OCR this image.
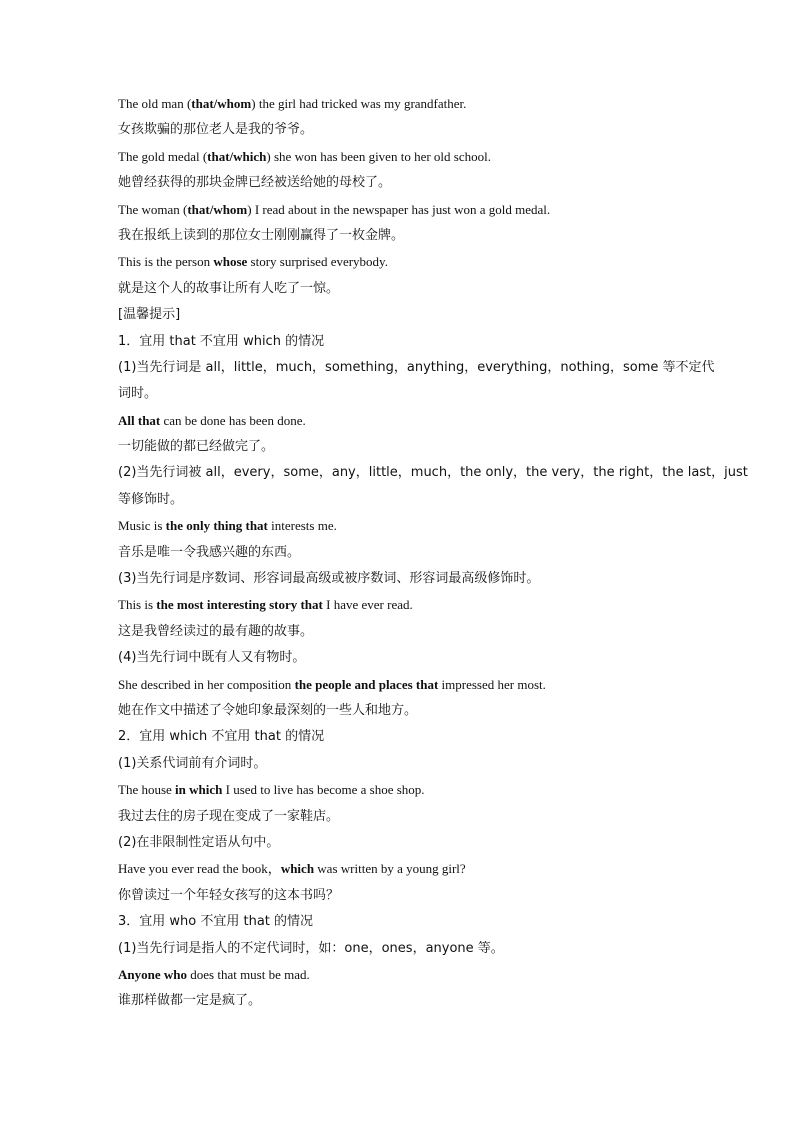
The old man (that/whom) the girl had tricked was my grandfather.
女孩欺骗的那位老人是我的爷爷。
The gold medal (that/which) she won has been given to her old school.
她曾经获得的那块金牌已经被送给她的母校了。
The woman (that/whom) I read about in the newspaper has just won a gold medal.
我在报纸上读到的那位女士刚刚赢得了一枚金牌。
This is the person whose story surprised everybody.
就是这个人的故事让所有人吃了一惊。
[温馨提示]
1．宜用 that 不宜用 which 的情况
(1)当先行词是 all，little，much，something，anything，everything，nothing，some 等不定代
词时。
All that can be done has been done.
一切能做的都已经做完了。
(2)当先行词被 all，every，some，any，little，much，the only，the very，the right，the last，just
等修饰时。
Music is the only thing that interests me.
音乐是唯一令我感兴趣的东西。
(3)当先行词是序数词、形容词最高级或被序数词、形容词最高级修饰时。
This is the most interesting story that I have ever read.
这是我曾经读过的最有趣的故事。
(4)当先行词中既有人又有物时。
She described in her composition the people and places that impressed her most.
她在作文中描述了令她印象最深刻的一些人和地方。
2．宜用 which 不宜用 that 的情况
(1)关系代词前有介词时。
The house in which I used to live has become a shoe shop.
我过去住的房子现在变成了一家鞋店。
(2)在非限制性定语从句中。
Have you ever read the book，which was written by a young girl?
你曾读过一个年轻女孩写的这本书吗？
3．宜用 who 不宜用 that 的情况
(1)当先行词是指人的不定代词时，如：one，ones，anyone 等。
Anyone who does that must be mad.
谁那样做都一定是疯了。
